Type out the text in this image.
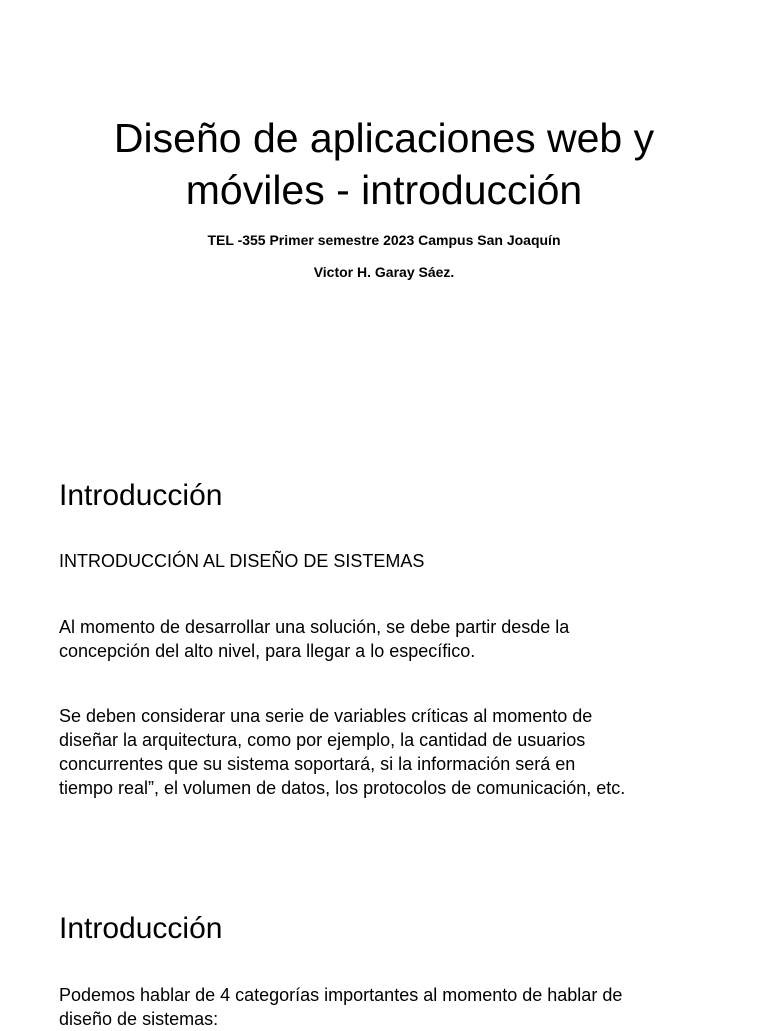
Diseño de aplicaciones web y
móviles - introducción
TEL -355 Primer semestre 2023 Campus San Joaquín
Victor H. Garay Sáez.
Introducción
INTRODUCCIÓN AL DISEÑO DE SISTEMAS
Al momento de desarrollar una solución, se debe partir desde la
concepción del alto nivel, para llegar a lo específico.
Se deben considerar una serie de variables críticas al momento de
diseñar la arquitectura, como por ejemplo, la cantidad de usuarios
concurrentes que su sistema soportará, si la información será en
tiempo real”, el volumen de datos, los protocolos de comunicación, etc.
Introducción
Podemos hablar de 4 categorías importantes al momento de hablar de
diseño de sistemas:
